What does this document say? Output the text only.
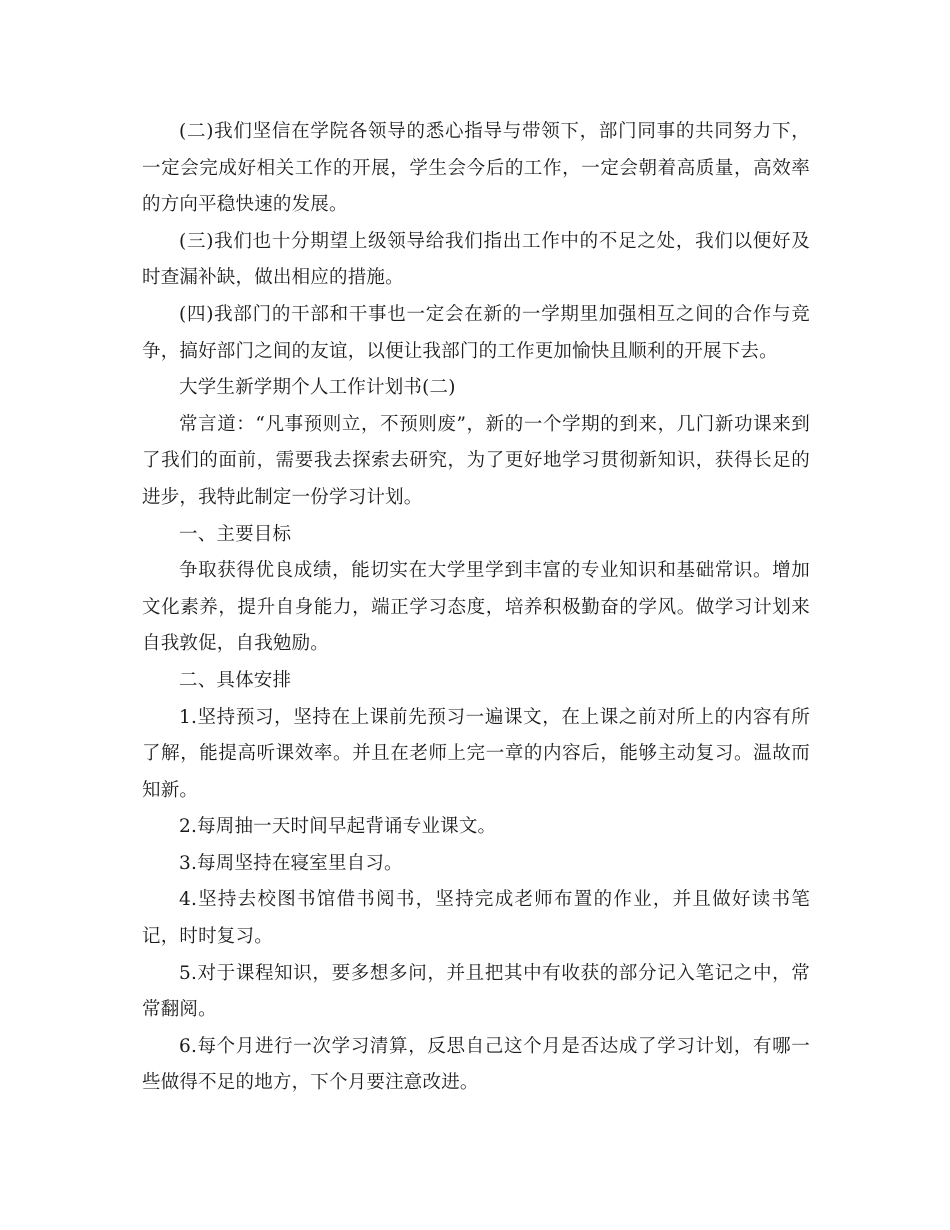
(二)我们坚信在学院各领导的悉心指导与带领下，部门同事的共同努力下，一定会完成好相关工作的开展，学生会今后的工作，一定会朝着高质量，高效率的方向平稳快速的发展。

(三)我们也十分期望上级领导给我们指出工作中的不足之处，我们以便好及时查漏补缺，做出相应的措施。

(四)我部门的干部和干事也一定会在新的一学期里加强相互之间的合作与竞争，搞好部门之间的友谊，以便让我部门的工作更加愉快且顺利的开展下去。

大学生新学期个人工作计划书(二)

常言道：“凡事预则立，不预则废”，新的一个学期的到来，几门新功课来到了我们的面前，需要我去探索去研究，为了更好地学习贯彻新知识，获得长足的进步，我特此制定一份学习计划。

一、主要目标

争取获得优良成绩，能切实在大学里学到丰富的专业知识和基础常识。增加文化素养，提升自身能力，端正学习态度，培养积极勤奋的学风。做学习计划来自我敦促，自我勉励。

二、具体安排

1.坚持预习，坚持在上课前先预习一遍课文，在上课之前对所上的内容有所了解，能提高听课效率。并且在老师上完一章的内容后，能够主动复习。温故而知新。

2.每周抽一天时间早起背诵专业课文。

3.每周坚持在寝室里自习。

4.坚持去校图书馆借书阅书，坚持完成老师布置的作业，并且做好读书笔记，时时复习。

5.对于课程知识，要多想多问，并且把其中有收获的部分记入笔记之中，常常翻阅。

6.每个月进行一次学习清算，反思自己这个月是否达成了学习计划，有哪一些做得不足的地方，下个月要注意改进。
